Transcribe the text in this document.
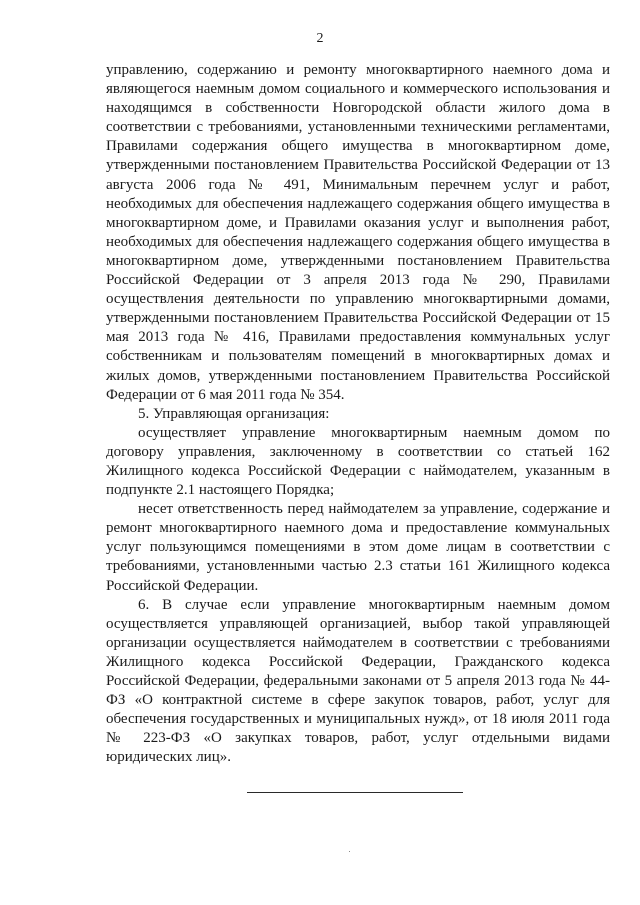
2

управлению, содержанию и ремонту многоквартирного наемного дома и являющегося наемным домом социального и коммерческого использования и находящимся в собственности Новгородской области жилого дома в соответствии с требованиями, установленными техническими регламентами, Правилами содержания общего имущества в многоквартирном доме, утвержденными постановлением Правительства Российской Федерации от 13 августа 2006 года № 491, Минимальным перечнем услуг и работ, необходимых для обеспечения надлежащего содержания общего имущества в многоквартирном доме, и Правилами оказания услуг и выполнения работ, необходимых для обеспечения надлежащего содержания общего имущества в многоквартирном доме, утвержденными постановлением Правительства Российской Федерации от 3 апреля 2013 года № 290, Правилами осуществления деятельности по управлению многоквартирными домами, утвержденными постановлением Правительства Российской Федерации от 15 мая 2013 года № 416, Правилами предоставления коммунальных услуг собственникам и пользователям помещений в многоквартирных домах и жилых домов, утвержденными постановлением Правительства Российской Федерации от 6 мая 2011 года № 354.

5. Управляющая организация:

осуществляет управление многоквартирным наемным домом по договору управления, заключенному в соответствии со статьей 162 Жилищного кодекса Российской Федерации с наймодателем, указанным в подпункте 2.1 настоящего Порядка;

несет ответственность перед наймодателем за управление, содержание и ремонт многоквартирного наемного дома и предоставление коммунальных услуг пользующимся помещениями в этом доме лицам в соответствии с требованиями, установленными частью 2.3 статьи 161 Жилищного кодекса Российской Федерации.

6. В случае если управление многоквартирным наемным домом осуществляется управляющей организацией, выбор такой управляющей организации осуществляется наймодателем в соответствии с требованиями Жилищного кодекса Российской Федерации, Гражданского кодекса Российской Федерации, федеральными законами от 5 апреля 2013 года № 44-ФЗ «О контрактной системе в сфере закупок товаров, работ, услуг для обеспечения государственных и муниципальных нужд», от 18 июля 2011 года № 223-ФЗ «О закупках товаров, работ, услуг отдельными видами юридических лиц».
